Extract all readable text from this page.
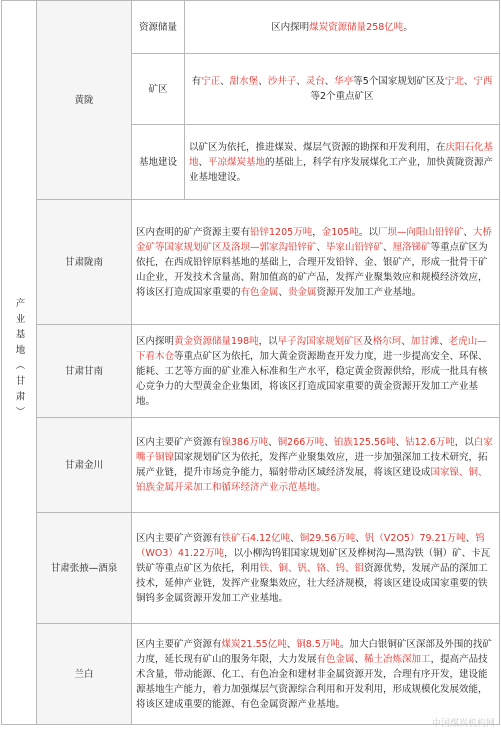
产业基地（甘肃）	黄陇	资源储量	区内探明煤炭资源储量258亿吨。
		矿区	有宁正、甜水堡、沙井子、灵台、华亭等5个国家规划矿区及宁北、宁西等2个重点矿区
		基地建设	以矿区为依托，推进煤炭、煤层气资源的勘探和开发利用，在庆阳石化基地、平凉煤炭基地的基础上，科学有序发展煤化工产业，加快黄陇资源产业基地建设。
	甘肃陇南	区内查明的矿产资源主要有铅锌1205万吨，金105吨。以厂坝—向阳山铅锌矿、大桥金矿等国家规划矿区及洛坝—郭家沟铅锌矿、毕家山铅锌矿、厘洛锑矿等重点矿区为依托，在西成铅锌原料基地的基础上，合理开发铅锌、金、银矿产，形成一批骨干矿山企业，开发技术含量高、附加值高的矿产品，发挥产业聚集效应和规模经济效应，将该区打造成国家重要的有色金属、贵金属资源开发加工产业基地。	
	甘肃甘南	区内探明黄金资源储量198吨，以早子沟国家规划矿区及格尔珂、加甘滩、老虎山—下看木仓等重点矿区为依托，加大黄金资源勘查开发力度，进一步提高安全、环保、能耗、工艺等方面的矿业准入标准和生产水平，稳定黄金资源供给，形成一批具有核心竞争力的大型黄金企业集团，将该区打造成国家重要的黄金资源开发加工产业基地。	
	甘肃金川	区内主要矿产资源有镍386万吨、铜266万吨、铂族125.56吨、钴12.6万吨，以白家嘴子铜镍国家规划矿区为依托，发挥产业聚集效应，进一步加强深加工技术研究，拓展产业链，提升市场竞争能力，辐射带动区域经济发展，将该区建设成国家镍、铜、铂族金属开采加工和循环经济产业示范基地。	
	甘肃张掖—酒泉	区内主要矿产资源有铁矿石4.12亿吨、铜29.56万吨、钒（V2O5）79.21万吨、钨（WO3）41.22万吨，以小柳沟钨钼国家规划矿区及桦树沟—黑沟铁（铜）矿、卡瓦铁矿等重点矿区为依托，利用铁、铜、钒、铬、钨、钼资源优势，发展产品的深加工技术，延伸产业链，发挥产业聚集效应，壮大经济规模，将该区建设成国家重要的铁铜钨多金属资源开发加工产业基地。	
	兰白	区内主要矿产资源有煤炭21.55亿吨、铜8.5万吨。加大白银铜矿区深部及外围的找矿力度，延长现有矿山的服务年限，大力发展有色金属、稀土冶炼深加工，提高产品技术含量，带动能源、化工、有色冶金和建材非金属资源开发，合理有序开发，建设能源基地生产能力，着力加强煤层气资源综合利用和开发利用，形成规模化发展效能，将该区建成重要的能源、有色金属资源产业基地。	
中国煤炭机构网
